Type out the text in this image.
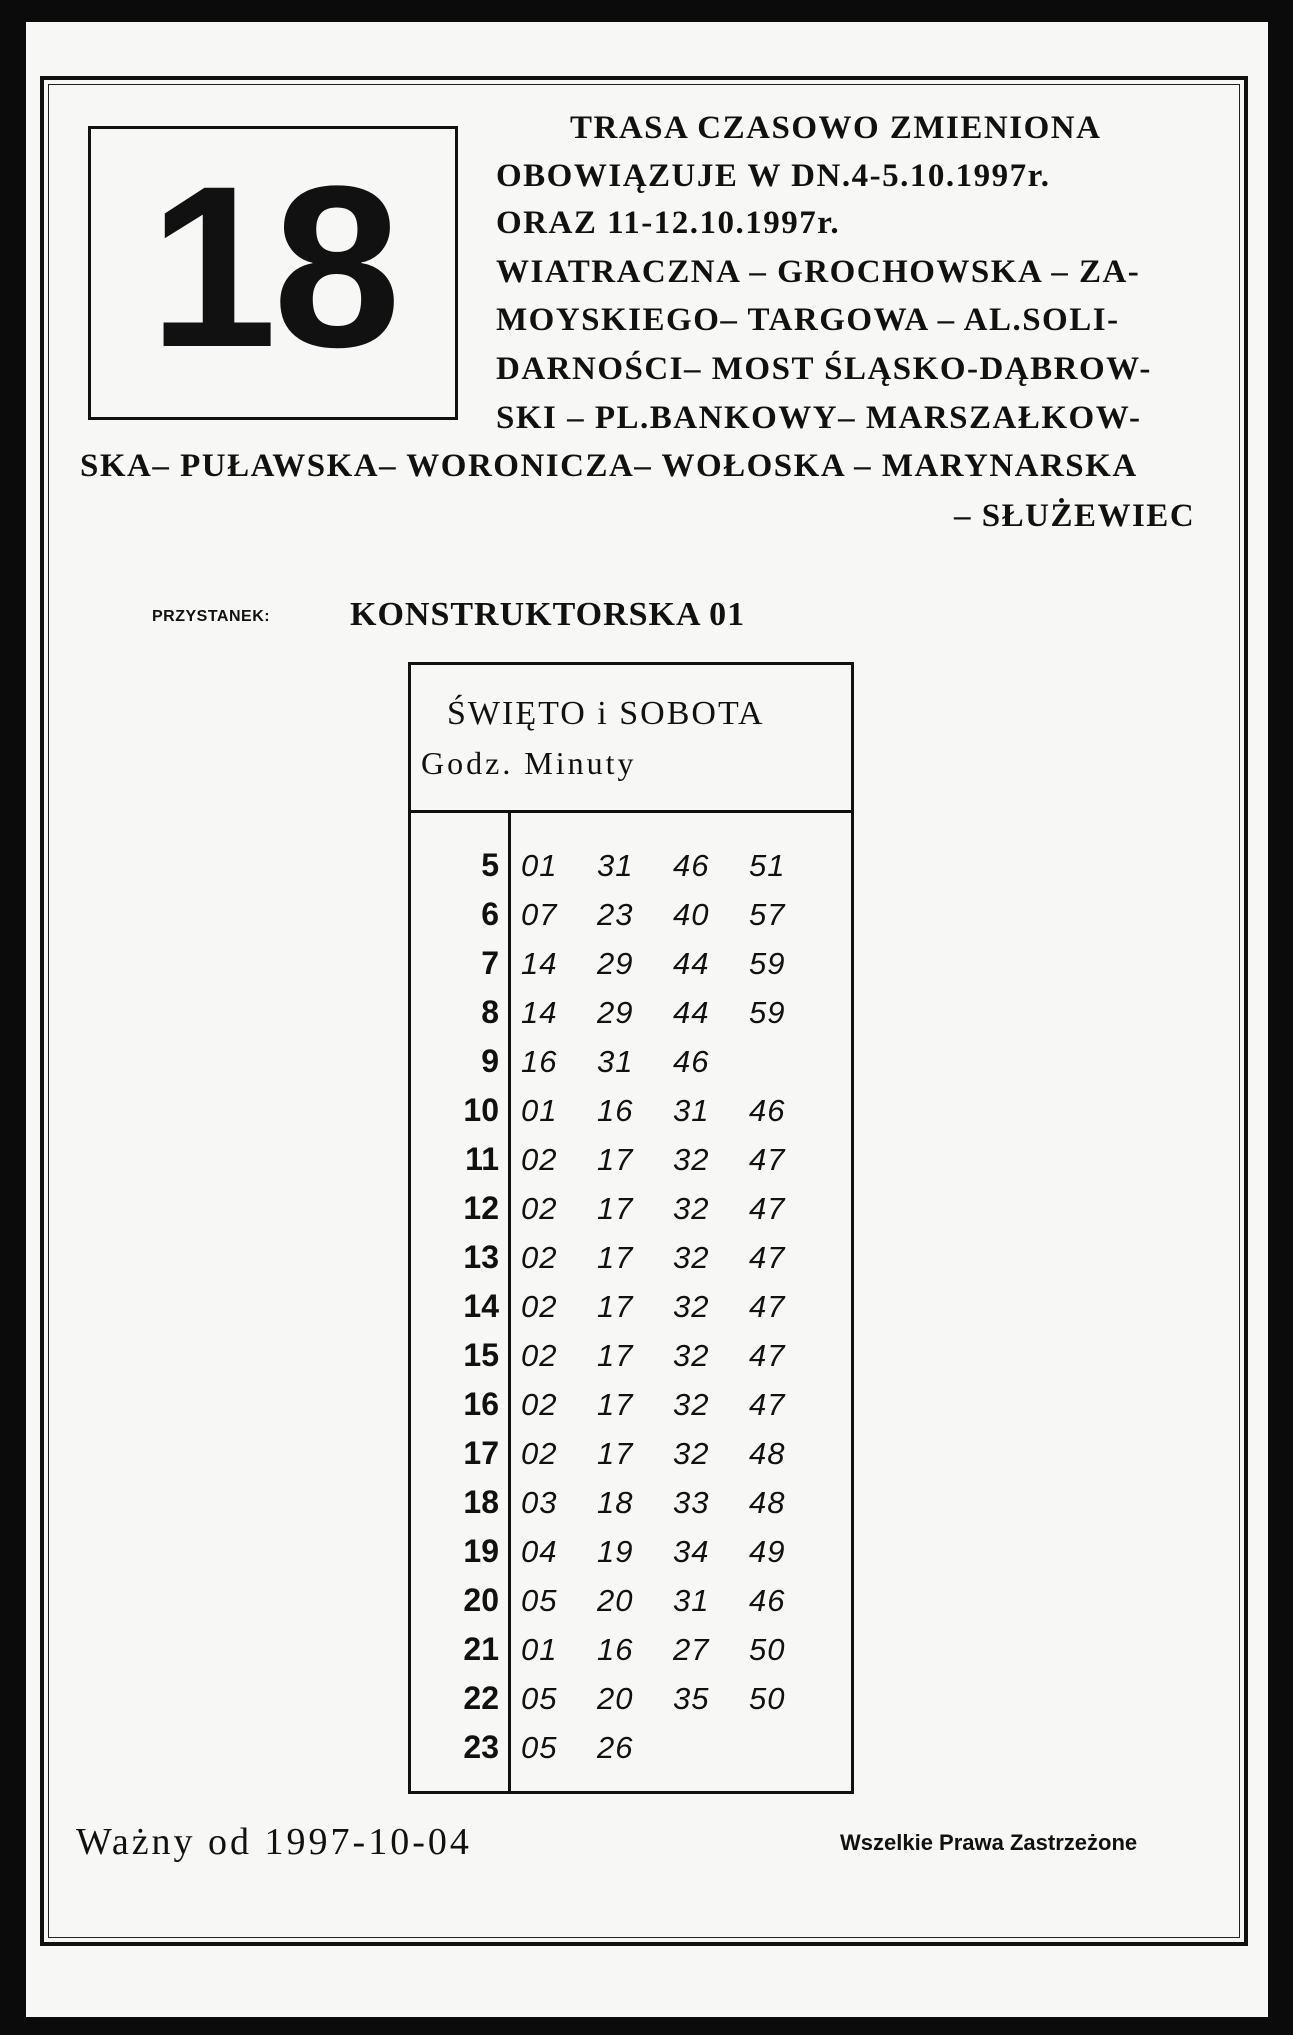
18
TRASA CZASOWO ZMIENIONA
OBOWIĄZUJE W DN.4-5.10.1997r.
ORAZ 11-12.10.1997r.
WIATRACZNA – GROCHOWSKA – ZA-
MOYSKIEGO– TARGOWA – AL.SOLI-
DARNOŚCI– MOST ŚLĄSKO-DĄBROW-
SKI – PL.BANKOWY– MARSZAŁKOW-
SKA– PUŁAWSKA– WORONICZA– WOŁOSKA – MARYNARSKA
– SŁUŻEWIEC
PRZYSTANEK: KONSTRUKTORSKA 01
ŚWIĘTO i SOBOTA
Godz. Minuty
5 01 31 46 51
6 07 23 40 57
7 14 29 44 59
8 14 29 44 59
9 16 31 46
10 01 16 31 46
11 02 17 32 47
12 02 17 32 47
13 02 17 32 47
14 02 17 32 47
15 02 17 32 47
16 02 17 32 47
17 02 17 32 48
18 03 18 33 48
19 04 19 34 49
20 05 20 31 46
21 01 16 27 50
22 05 20 35 50
23 05 26
Ważny od 1997-10-04	Wszelkie Prawa Zastrzeżone
